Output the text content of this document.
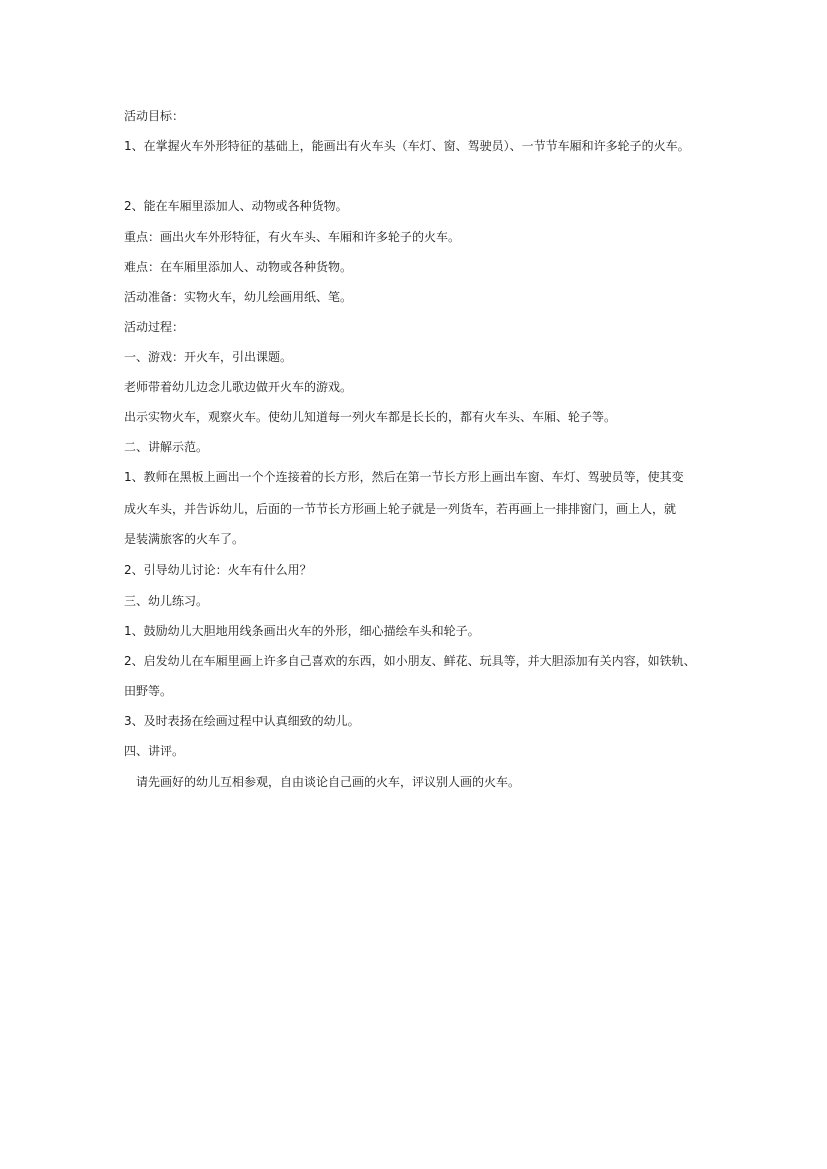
活动目标：
1、在掌握火车外形特征的基础上，能画出有火车头（车灯、窗、驾驶员）、一节节车厢和许多轮子的火车。
2、能在车厢里添加人、动物或各种货物。
重点：画出火车外形特征，有火车头、车厢和许多轮子的火车。
难点：在车厢里添加人、动物或各种货物。
活动准备：实物火车，幼儿绘画用纸、笔。
活动过程：
一、游戏：开火车，引出课题。
老师带着幼儿边念儿歌边做开火车的游戏。
出示实物火车，观察火车。使幼儿知道每一列火车都是长长的，都有火车头、车厢、轮子等。
二、讲解示范。
1、教师在黑板上画出一个个连接着的长方形，然后在第一节长方形上画出车窗、车灯、驾驶员等，使其变
成火车头，并告诉幼儿，后面的一节节长方形画上轮子就是一列货车，若再画上一排排窗门，画上人，就
是装满旅客的火车了。
2、引导幼儿讨论：火车有什么用？
三、幼儿练习。
1、鼓励幼儿大胆地用线条画出火车的外形，细心描绘车头和轮子。
2、启发幼儿在车厢里画上许多自己喜欢的东西，如小朋友、鲜花、玩具等，并大胆添加有关内容，如铁轨、
田野等。
3、及时表扬在绘画过程中认真细致的幼儿。
四、讲评。
请先画好的幼儿互相参观，自由谈论自己画的火车，评议别人画的火车。
